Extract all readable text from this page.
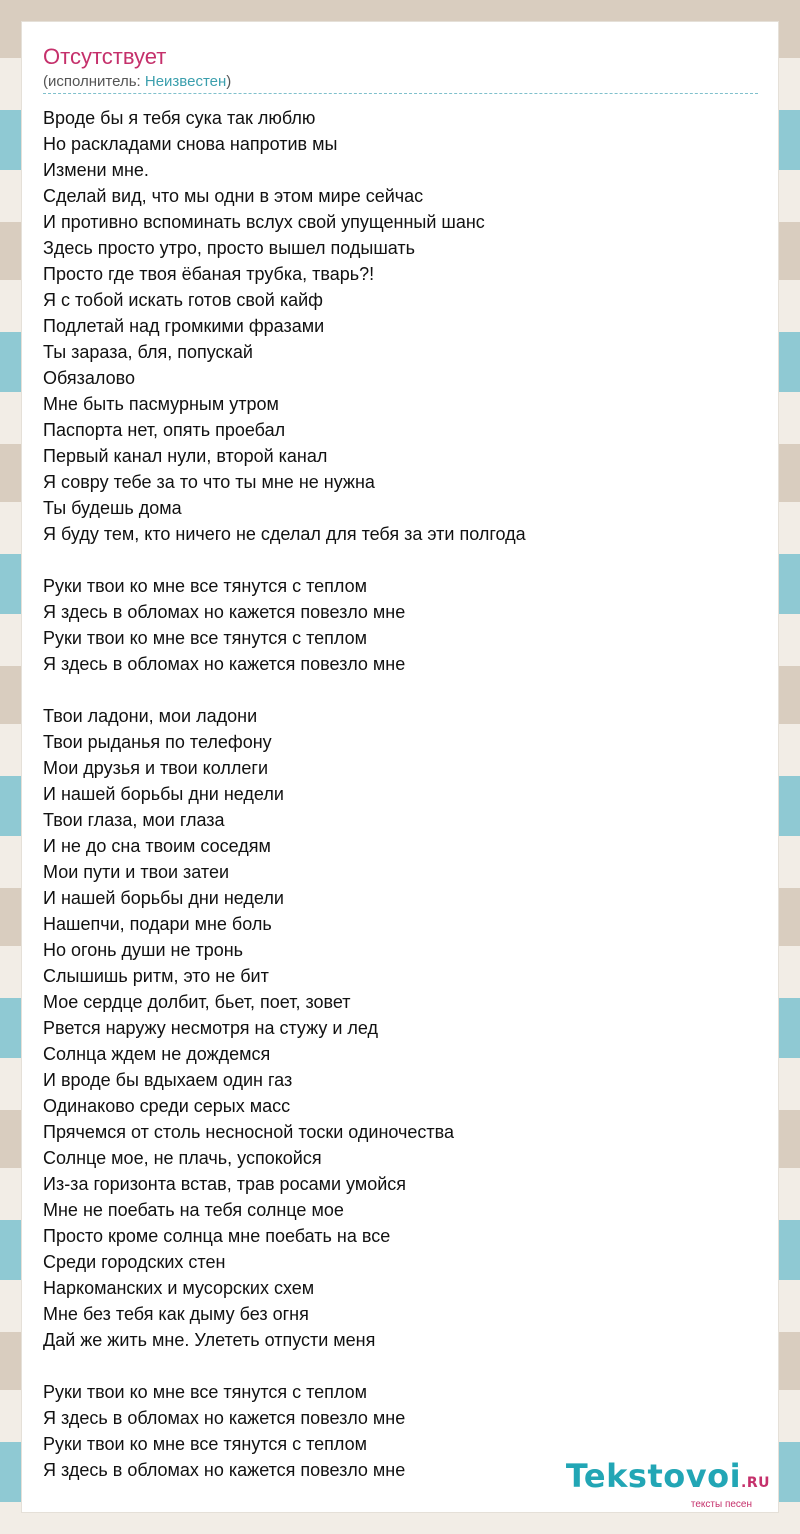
Отсутствует
(исполнитель: Неизвестен)
Вроде бы я тебя сука так люблю
Но раскладами снова напротив мы
Измени мне.
Сделай вид, что мы одни в этом мире сейчас
И противно вспоминать вслух свой упущенный шанс
Здесь просто утро, просто вышел подышать
Просто где твоя ёбаная трубка, тварь?!
Я с тобой искать готов свой кайф
Подлетай над громкими фразами
Ты зараза, бля, попускай
Обязалово
Мне быть пасмурным утром
Паспорта нет, опять проебал
Первый канал нули, второй канал
Я совру тебе за то что ты мне не нужна
Ты будешь дома
Я буду тем, кто ничего не сделал для тебя за эти полгода
Руки твои ко мне все тянутся с теплом
Я здесь в обломах но кажется повезло мне
Руки твои ко мне все тянутся с теплом
Я здесь в обломах но кажется повезло мне
Твои ладони, мои ладони
Твои рыданья по телефону
Мои друзья и твои коллеги
И нашей борьбы дни недели
Твои глаза, мои глаза
И не до сна твоим соседям
Мои пути и твои затеи
И нашей борьбы дни недели
Нашепчи, подари мне боль
Но огонь души не тронь
Слышишь ритм, это не бит
Мое сердце долбит, бьет, поет, зовет
Рвется наружу несмотря на стужу и лед
Солнца ждем не дождемся
И вроде бы вдыхаем один газ
Одинаково среди серых масс
Прячемся от столь несносной тоски одиночества
Солнце мое, не плачь, успокойся
Из-за горизонта встав, трав росами умойся
Мне не поебать на тебя солнце мое
Просто кроме солнца мне поебать на все
Среди городских стен
Наркоманских и мусорских схем
Мне без тебя как дыму без огня
Дай же жить мне. Улететь отпусти меня
Руки твои ко мне все тянутся с теплом
Я здесь в обломах но кажется повезло мне
Руки твои ко мне все тянутся с теплом
Я здесь в обломах но кажется повезло мне	Tekstovoi.RU
тексты песен
